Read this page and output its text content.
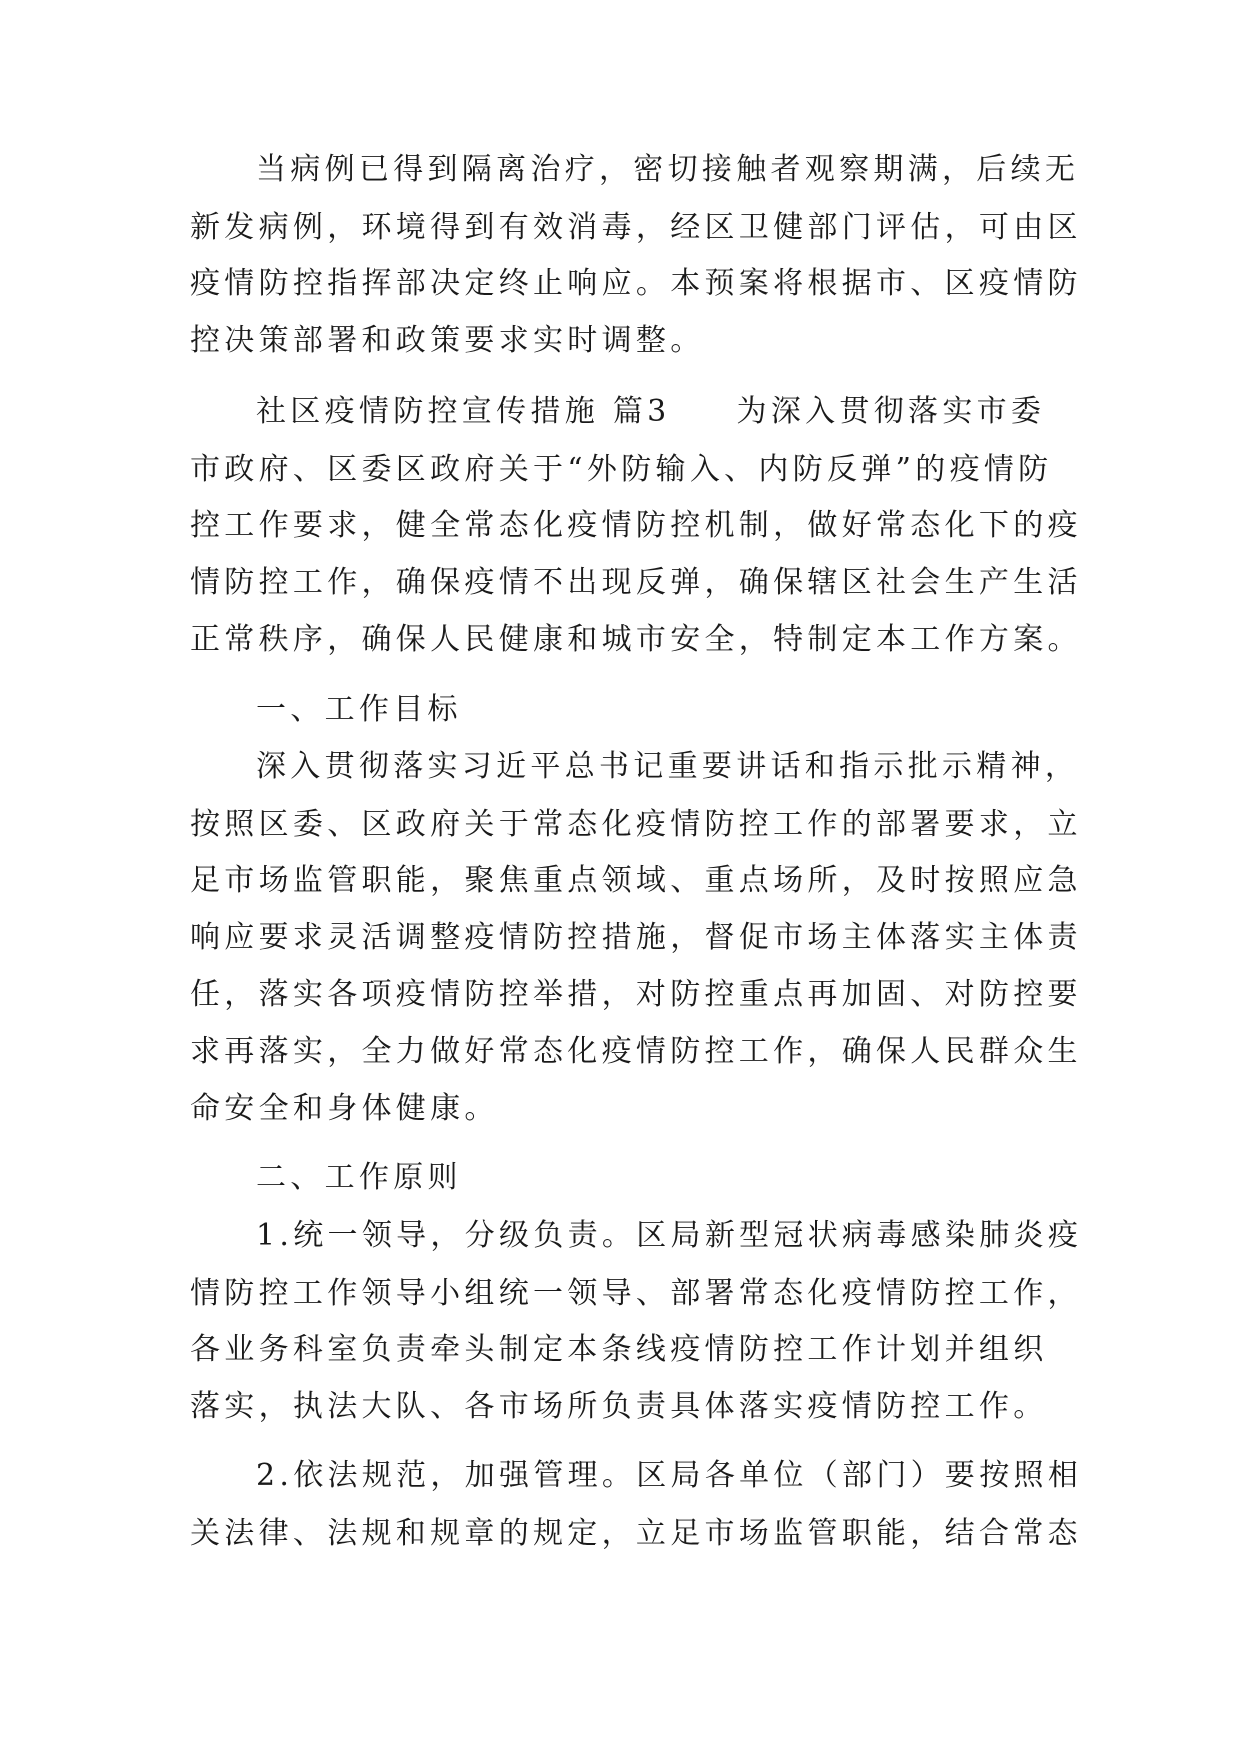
当病例已得到隔离治疗，密切接触者观察期满，后续无
新发病例，环境得到有效消毒，经区卫健部门评估，可由区
疫情防控指挥部决定终止响应。本预案将根据市、区疫情防
控决策部署和政策要求实时调整。
社区疫情防控宣传措施 篇3 为深入贯彻落实市委
市政府、区委区政府关于“外防输入、内防反弹”的疫情防
控工作要求，健全常态化疫情防控机制，做好常态化下的疫
情防控工作，确保疫情不出现反弹，确保辖区社会生产生活
正常秩序，确保人民健康和城市安全，特制定本工作方案。
一、工作目标
深入贯彻落实习近平总书记重要讲话和指示批示精神，
按照区委、区政府关于常态化疫情防控工作的部署要求，立
足市场监管职能，聚焦重点领域、重点场所，及时按照应急
响应要求灵活调整疫情防控措施，督促市场主体落实主体责
任，落实各项疫情防控举措，对防控重点再加固、对防控要
求再落实，全力做好常态化疫情防控工作，确保人民群众生
命安全和身体健康。
二、工作原则
1.统一领导，分级负责。区局新型冠状病毒感染肺炎疫
情防控工作领导小组统一领导、部署常态化疫情防控工作，
各业务科室负责牵头制定本条线疫情防控工作计划并组织
落实，执法大队、各市场所负责具体落实疫情防控工作。
2.依法规范，加强管理。区局各单位（部门）要按照相
关法律、法规和规章的规定，立足市场监管职能，结合常态
